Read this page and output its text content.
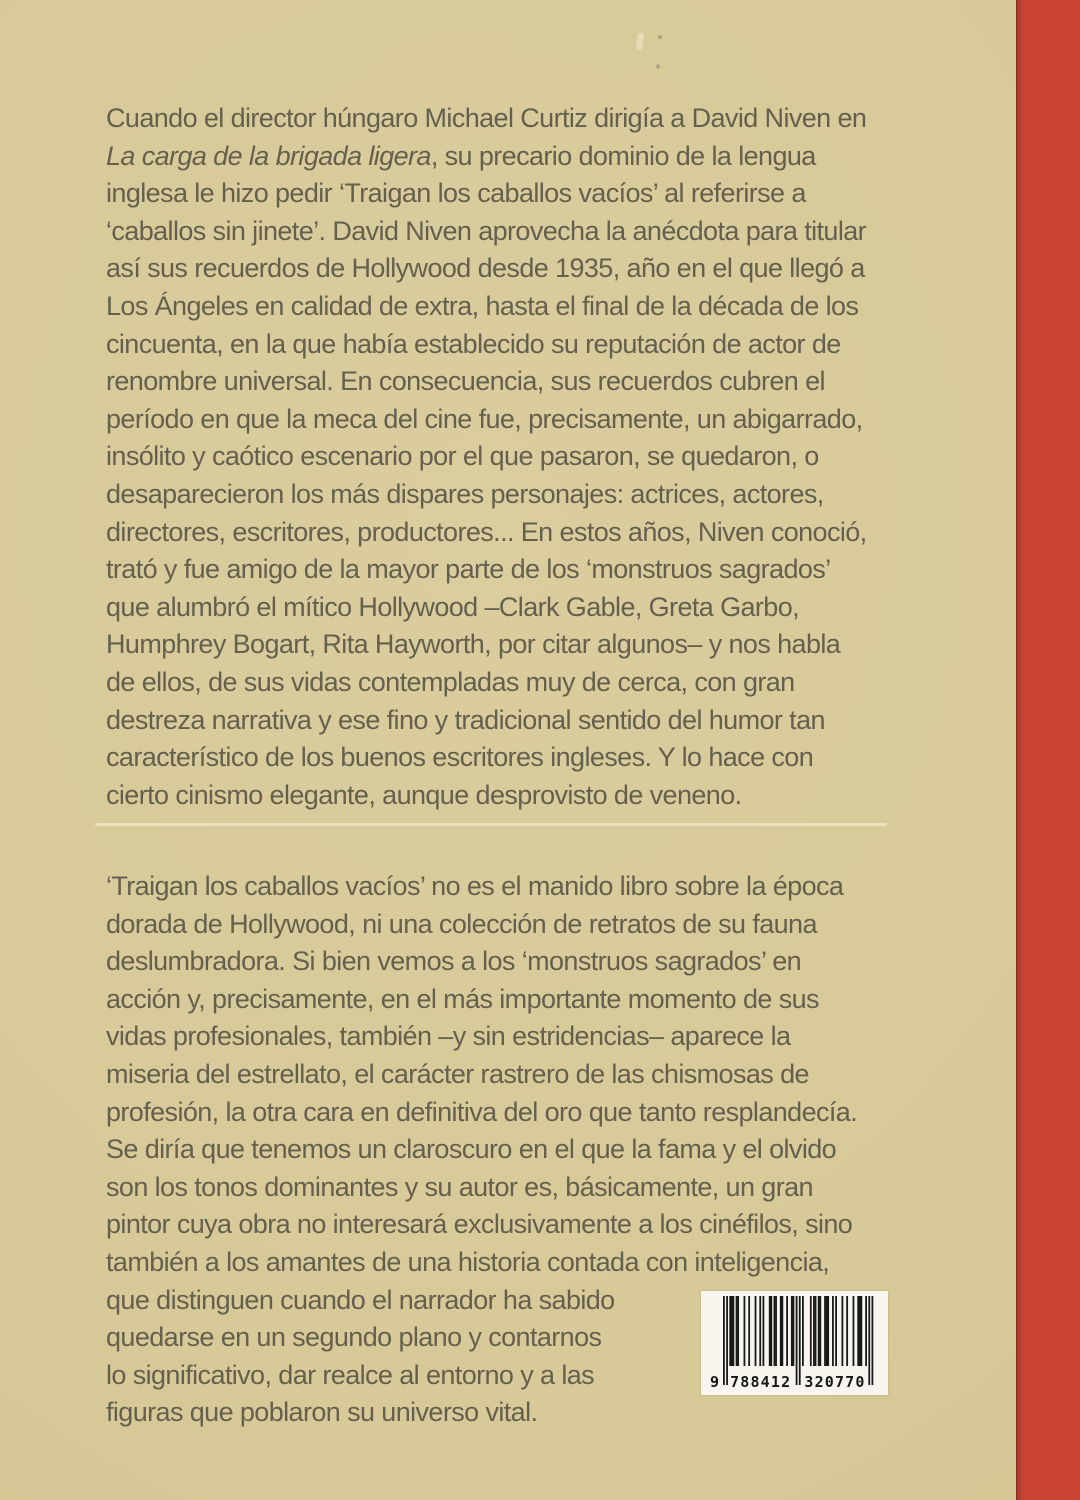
Cuando el director húngaro Michael Curtiz dirigía a David Niven en
La carga de la brigada ligera, su precario dominio de la lengua
inglesa le hizo pedir ‘Traigan los caballos vacíos’ al referirse a
‘caballos sin jinete’. David Niven aprovecha la anécdota para titular
así sus recuerdos de Hollywood desde 1935, año en el que llegó a
Los Ángeles en calidad de extra, hasta el final de la década de los
cincuenta, en la que había establecido su reputación de actor de
renombre universal. En consecuencia, sus recuerdos cubren el
período en que la meca del cine fue, precisamente, un abigarrado,
insólito y caótico escenario por el que pasaron, se quedaron, o
desaparecieron los más dispares personajes: actrices, actores,
directores, escritores, productores... En estos años, Niven conoció,
trató y fue amigo de la mayor parte de los ‘monstruos sagrados’
que alumbró el mítico Hollywood –Clark Gable, Greta Garbo,
Humphrey Bogart, Rita Hayworth, por citar algunos– y nos habla
de ellos, de sus vidas contempladas muy de cerca, con gran
destreza narrativa y ese fino y tradicional sentido del humor tan
característico de los buenos escritores ingleses. Y lo hace con
cierto cinismo elegante, aunque desprovisto de veneno.
‘Traigan los caballos vacíos’ no es el manido libro sobre la época
dorada de Hollywood, ni una colección de retratos de su fauna
deslumbradora. Si bien vemos a los ‘monstruos sagrados’ en
acción y, precisamente, en el más importante momento de sus
vidas profesionales, también –y sin estridencias– aparece la
miseria del estrellato, el carácter rastrero de las chismosas de
profesión, la otra cara en definitiva del oro que tanto resplandecía.
Se diría que tenemos un claroscuro en el que la fama y el olvido
son los tonos dominantes y su autor es, básicamente, un gran
pintor cuya obra no interesará exclusivamente a los cinéfilos, sino
también a los amantes de una historia contada con inteligencia,
que distinguen cuando el narrador ha sabido
quedarse en un segundo plano y contarnos
lo significativo, dar realce al entorno y a las
figuras que poblaron su universo vital.
9 788412 320770
